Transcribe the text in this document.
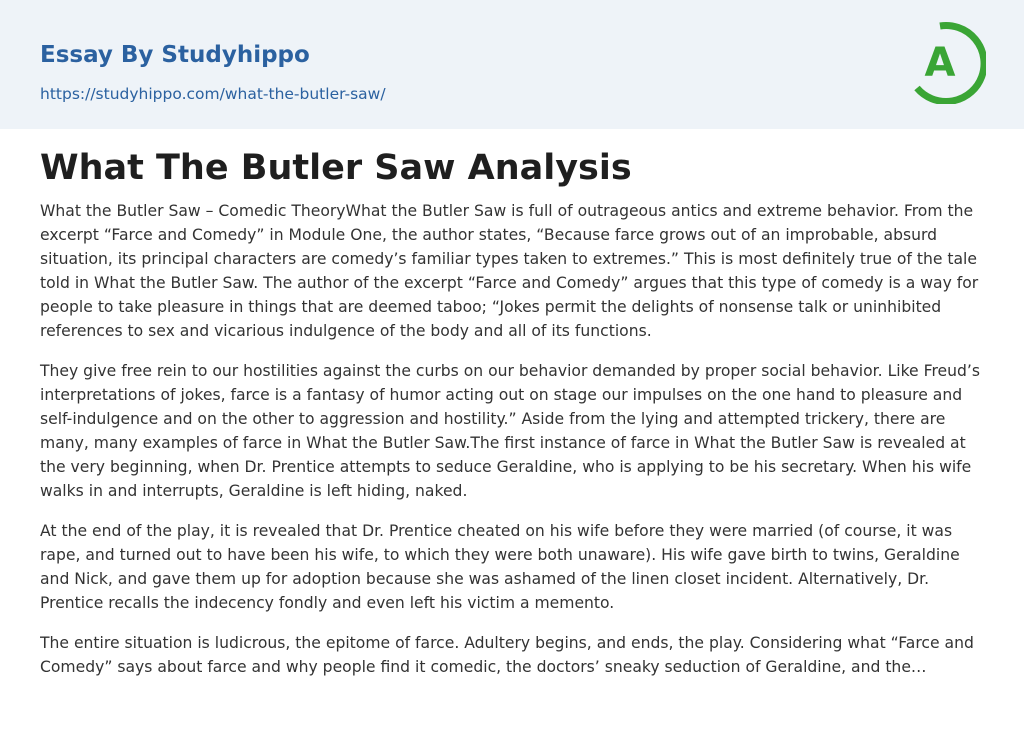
Essay By Studyhippo
https://studyhippo.com/what-the-butler-saw/
A
What The Butler Saw Analysis

What the Butler Saw – Comedic TheoryWhat the Butler Saw is full of outrageous antics and extreme behavior. From the excerpt “Farce and Comedy” in Module One, the author states, “Because farce grows out of an improbable, absurd situation, its principal characters are comedy’s familiar types taken to extremes.” This is most definitely true of the tale told in What the Butler Saw. The author of the excerpt “Farce and Comedy” argues that this type of comedy is a way for people to take pleasure in things that are deemed taboo; “Jokes permit the delights of nonsense talk or uninhibited references to sex and vicarious indulgence of the body and all of its functions.

They give free rein to our hostilities against the curbs on our behavior demanded by proper social behavior. Like Freud’s interpretations of jokes, farce is a fantasy of humor acting out on stage our impulses on the one hand to pleasure and self-indulgence and on the other to aggression and hostility.” Aside from the lying and attempted trickery, there are many, many examples of farce in What the Butler Saw.The first instance of farce in What the Butler Saw is revealed at the very beginning, when Dr. Prentice attempts to seduce Geraldine, who is applying to be his secretary. When his wife walks in and interrupts, Geraldine is left hiding, naked.

At the end of the play, it is revealed that Dr. Prentice cheated on his wife before they were married (of course, it was rape, and turned out to have been his wife, to which they were both unaware). His wife gave birth to twins, Geraldine and Nick, and gave them up for adoption because she was ashamed of the linen closet incident. Alternatively, Dr. Prentice recalls the indecency fondly and even left his victim a memento.

The entire situation is ludicrous, the epitome of farce. Adultery begins, and ends, the play. Considering what “Farce and Comedy” says about farce and why people find it comedic, the doctors’ sneaky seduction of Geraldine, and the…
